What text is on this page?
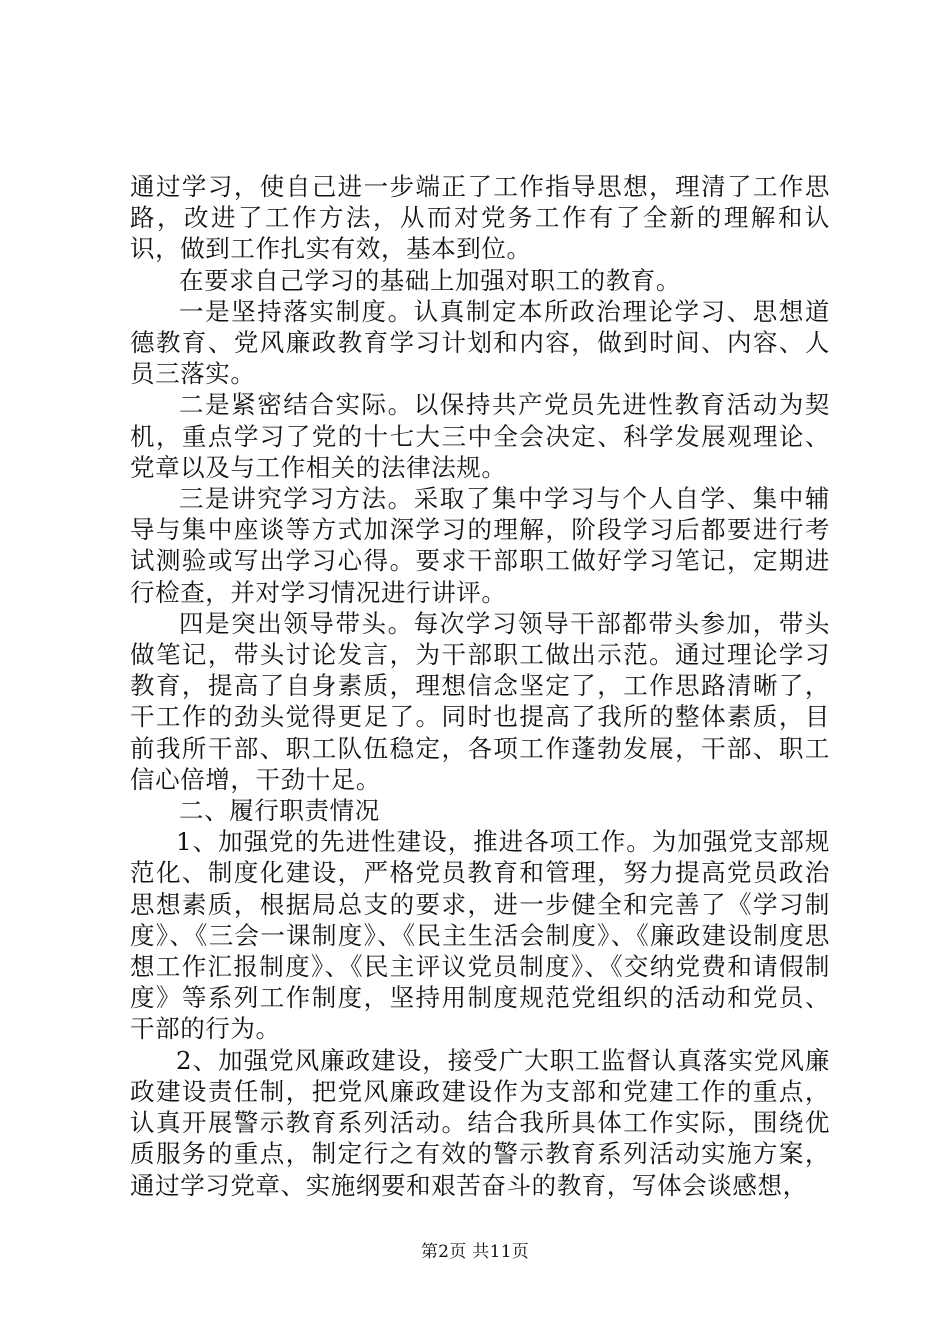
通过学习，使自己进一步端正了工作指导思想，理清了工作思路，改进了工作方法，从而对党务工作有了全新的理解和认识，做到工作扎实有效，基本到位。

在要求自己学习的基础上加强对职工的教育。

一是坚持落实制度。认真制定本所政治理论学习、思想道德教育、党风廉政教育学习计划和内容，做到时间、内容、人员三落实。

二是紧密结合实际。以保持共产党员先进性教育活动为契机，重点学习了党的十七大三中全会决定、科学发展观理论、党章以及与工作相关的法律法规。

三是讲究学习方法。采取了集中学习与个人自学、集中辅导与集中座谈等方式加深学习的理解，阶段学习后都要进行考试测验或写出学习心得。要求干部职工做好学习笔记，定期进行检查，并对学习情况进行讲评。

四是突出领导带头。每次学习领导干部都带头参加，带头做笔记，带头讨论发言，为干部职工做出示范。通过理论学习教育，提高了自身素质，理想信念坚定了，工作思路清晰了，干工作的劲头觉得更足了。同时也提高了我所的整体素质，目前我所干部、职工队伍稳定，各项工作蓬勃发展，干部、职工信心倍增，干劲十足。

二、履行职责情况

1、加强党的先进性建设，推进各项工作。为加强党支部规范化、制度化建设，严格党员教育和管理，努力提高党员政治思想素质，根据局总支的要求，进一步健全和完善了《学习制度》、《三会一课制度》、《民主生活会制度》、《廉政建设制度思想工作汇报制度》、《民主评议党员制度》、《交纳党费和请假制度》等系列工作制度，坚持用制度规范党组织的活动和党员、干部的行为。

2、加强党风廉政建设，接受广大职工监督认真落实党风廉政建设责任制，把党风廉政建设作为支部和党建工作的重点，认真开展警示教育系列活动。结合我所具体工作实际，围绕优质服务的重点，制定行之有效的警示教育系列活动实施方案，通过学习党章、实施纲要和艰苦奋斗的教育，写体会谈感想，

第2页 共11页
